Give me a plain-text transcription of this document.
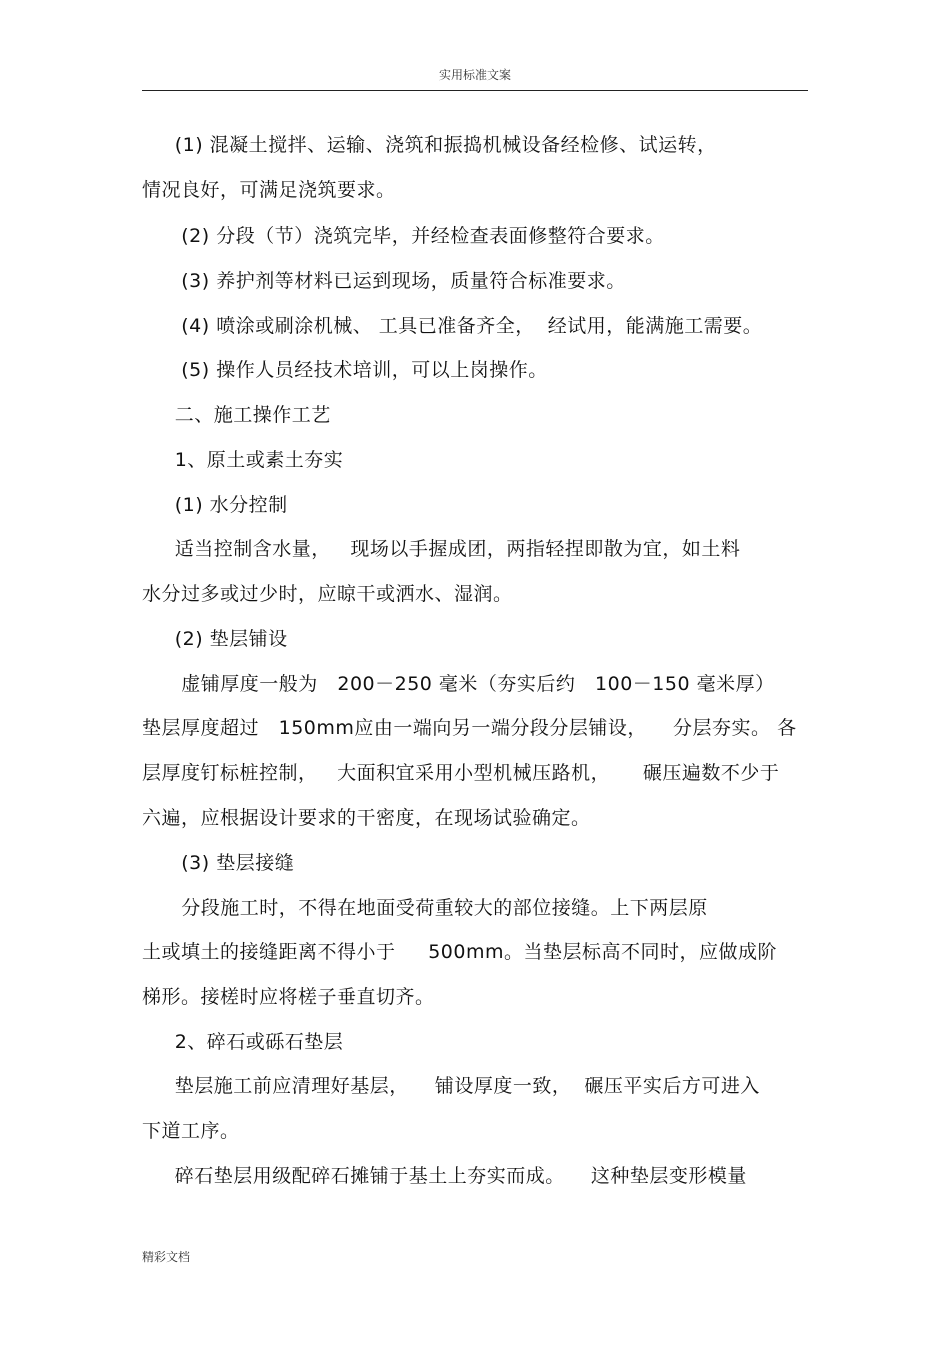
实用标准文案
(1) 混凝土搅拌、运输、浇筑和振捣机械设备经检修、试运转，
情况良好，可满足浇筑要求。
(2) 分段（节）浇筑完毕，并经检查表面修整符合要求。
(3) 养护剂等材料已运到现场，质量符合标准要求。
(4) 喷涂或刷涂机械、 工具已准备齐全，  经试用，能满施工需要。
(5) 操作人员经技术培训，可以上岗操作。
二、施工操作工艺
1、原土或素土夯实
(1) 水分控制
适当控制含水量，   现场以手握成团，两指轻捏即散为宜，如土料
水分过多或过少时，应晾干或洒水、湿润。
(2) 垫层铺设
虚铺厚度一般为   200－250 毫米（夯实后约   100－150 毫米厚）
垫层厚度超过   150mm应由一端向另一端分段分层铺设，    分层夯实。 各
层厚度钉标桩控制，   大面积宜采用小型机械压路机，     碾压遍数不少于
六遍，应根据设计要求的干密度，在现场试验确定。
(3) 垫层接缝
分段施工时，不得在地面受荷重较大的部位接缝。上下两层原
土或填土的接缝距离不得小于     500mm。当垫层标高不同时，应做成阶
梯形。接槎时应将槎子垂直切齐。
2、碎石或砾石垫层
垫层施工前应清理好基层，    铺设厚度一致，  碾压平实后方可进入
下道工序。
碎石垫层用级配碎石摊铺于基土上夯实而成。    这种垫层变形模量
精彩文档
